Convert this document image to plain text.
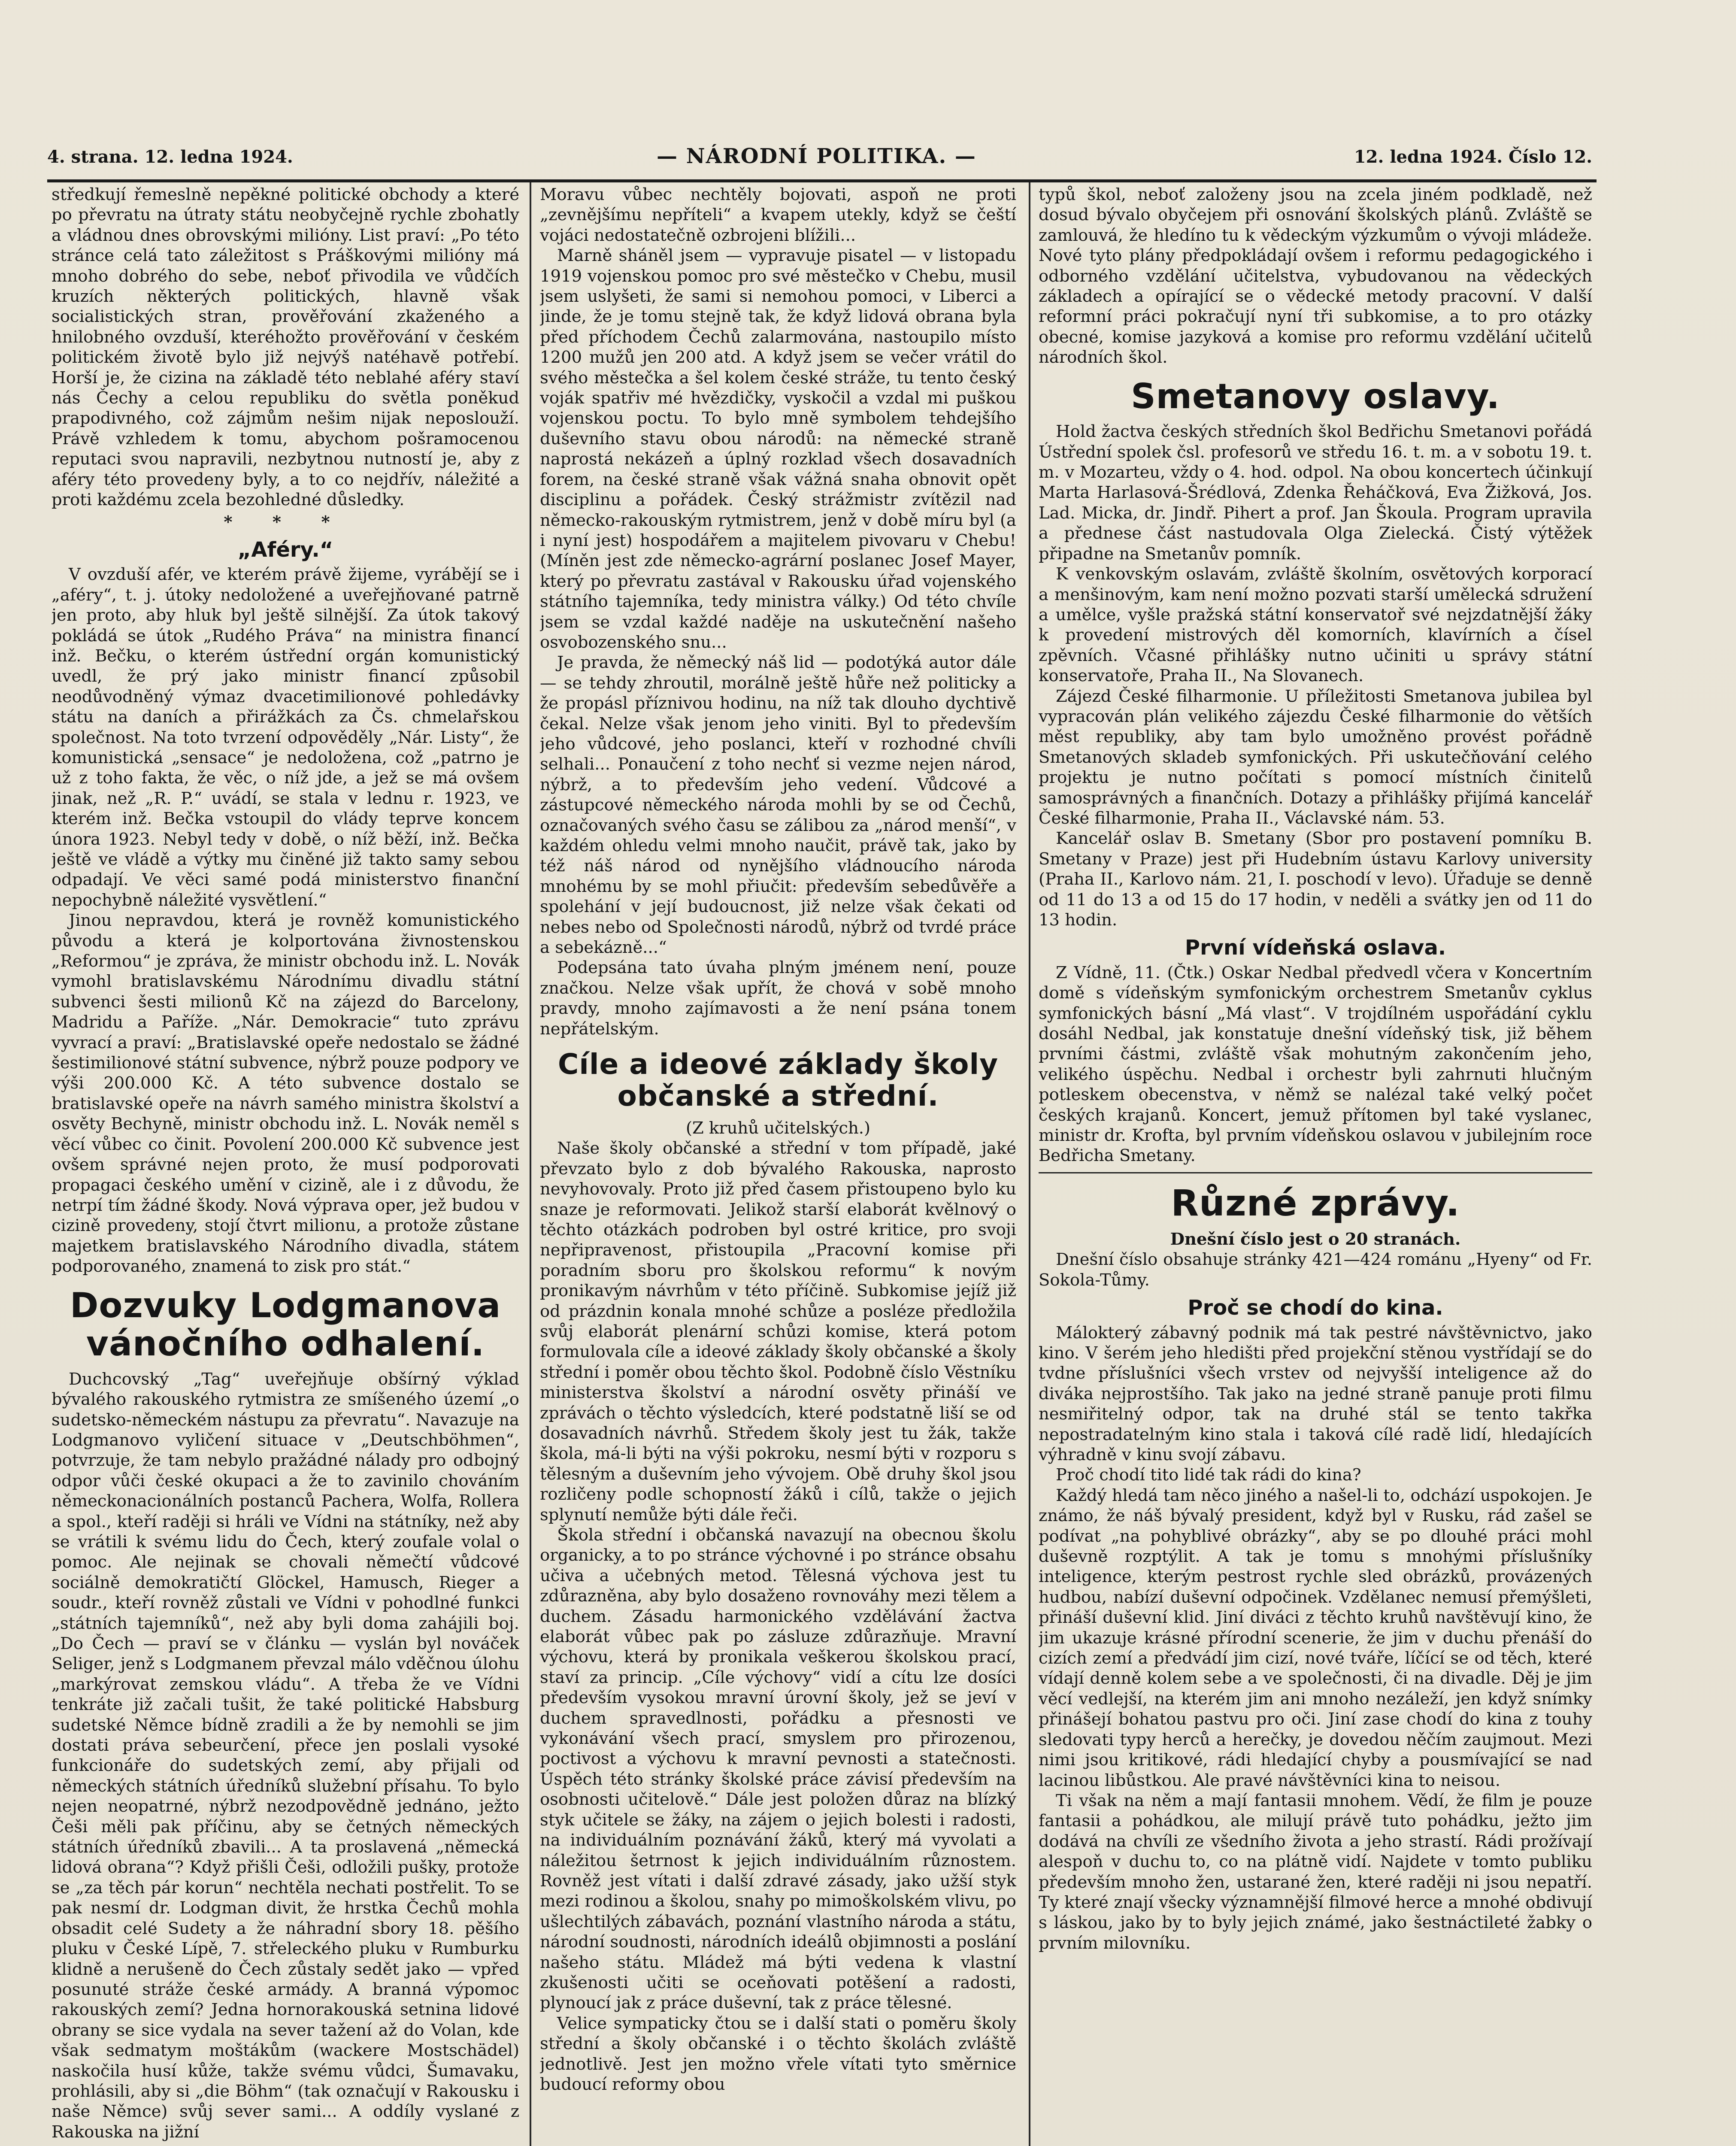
4. strana. 12. ledna 1924.	— NÁRODNÍ POLITIKA. —	12. ledna 1924. Číslo 12.

středkují řemeslně nepěkné politické obchody a které po převratu na útraty státu neobyčejně rychle zbohatly a vládnou dnes obrovskými milióny. List praví: „Po této stránce celá tato záležitost s Práškovými milióny má mnoho dobrého do sebe, neboť přivodila ve vůdčích kruzích některých politických, hlavně však socialistických stran, prověřování zkaženého a hnilobného ovzduší, kteréhožto prověřování v českém politickém životě bylo již nejvýš natéhavě potřebí. Horší je, že cizina na základě této neblahé aféry staví nás Čechy a celou republiku do světla poněkud prapodivného, což zájmům nešim nijak neposlouží. Právě vzhledem k tomu, abychom pošramocenou reputaci svou napravili, nezbytnou nutností je, aby z aféry této provedeny byly, a to co nejdřív, náležité a proti každému zcela bezohledné důsledky.

* * *
„Aféry.“

V ovzduší afér, ve kterém právě žijeme, vyrábějí se i „aféry“, t. j. útoky nedoložené a uveřejňované patrně jen proto, aby hluk byl ještě silnější. Za útok takový pokládá se útok „Rudého Práva“ na ministra financí inž. Bečku, o kterém ústřední orgán komunistický uvedl, že prý jako ministr financí způsobil neodůvodněný výmaz dvacetimilionové pohledávky státu na daních a přirážkách za Čs. chmelařskou společnost. Na toto tvrzení odpověděly „Nár. Listy“, že komunistická „sensace“ je nedoložena, což „patrno je už z toho fakta, že věc, o níž jde, a jež se má ovšem jinak, než „R. P.“ uvádí, se stala v lednu r. 1923, ve kterém inž. Bečka vstoupil do vlády teprve koncem února 1923. Nebyl tedy v době, o níž běží, inž. Bečka ještě ve vládě a výtky mu činěné již takto samy sebou odpadají. Ve věci samé podá ministerstvo finanční nepochybně náležité vysvětlení.“

Jinou nepravdou, která je rovněž komunistického původu a která je kolportována živnostenskou „Reformou“ je zpráva, že ministr obchodu inž. L. Novák vymohl bratislavskému Národnímu divadlu státní subvenci šesti milionů Kč na zájezd do Barcelony, Madridu a Paříže. „Nár. Demokracie“ tuto zprávu vyvrací a praví: „Bratislavské opeře nedostalo se žádné šestimilionové státní subvence, nýbrž pouze podpory ve výši 200.000 Kč. A této subvence dostalo se bratislavské opeře na návrh samého ministra školství a osvěty Bechyně, ministr obchodu inž. L. Novák neměl s věcí vůbec co činit. Povolení 200.000 Kč subvence jest ovšem správné nejen proto, že musí podporovati propagaci českého umění v cizině, ale i z důvodu, že netrpí tím žádné škody. Nová výprava oper, jež budou v cizině provedeny, stojí čtvrt milionu, a protože zůstane majetkem bratislavského Národního divadla, státem podporovaného, znamená to zisk pro stát.“

Dozvuky Lodgmanova vánočního odhalení.

Duchcovský „Tag“ uveřejňuje obšírný výklad bývalého rakouského rytmistra ze smíšeného území „o sudetsko-německém nástupu za převratu“. Navazuje na Lodgmanovo vyličení situace v „Deutschböhmen“, potvrzuje, že tam nebylo pražádné nálady pro odbojný odpor vůči české okupaci a že to zavinilo chováním německonacionálních postanců Pachera, Wolfa, Rollera a spol., kteří raději si hráli ve Vídni na státníky, než aby se vrátili k svému lidu do Čech, který zoufale volal o pomoc. Ale nejinak se chovali němečtí vůdcové sociálně demokratičtí Glöckel, Hamusch, Rieger a soudr., kteří rovněž zůstali ve Vídni v pohodlné funkci „státních tajemníků“, než aby byli doma zahájili boj. „Do Čech — praví se v článku — vyslán byl nováček Seliger, jenž s Lodgmanem převzal málo vděčnou úlohu „markýrovat zemskou vládu“. A třeba že ve Vídni tenkráte již začali tušit, že také politické Habsburg sudetské Němce bídně zradili a že by nemohli se jim dostati práva sebeurčení, přece jen poslali vysoké funkcionáře do sudetských zemí, aby přijali od německých státních úředníků služební přísahu. To bylo nejen neopatrné, nýbrž nezodpovědně jednáno, ježto Češi měli pak příčinu, aby se četných německých státních úředníků zbavili... A ta proslavená „německá lidová obrana“? Když přišli Češi, odložili pušky, protože se „za těch pár korun“ nechtěla nechati postřelit. To se pak nesmí dr. Lodgman divit, že hrstka Čechů mohla obsadit celé Sudety a že náhradní sbory 18. pěšího pluku v České Lípě, 7. střeleckého pluku v Rumburku klidně a nerušeně do Čech zůstaly sedět jako — vpřed posunuté stráže české armády. A branná výpomoc rakouských zemí? Jedna hornorakouská setnina lidové obrany se sice vydala na sever tažení až do Volan, kde však sedmatym moštákům (wackere Mostschädel) naskočila husí kůže, takže svému vůdci, Šumavaku, prohlásili, aby si „die Böhm“ (tak označují v Rakousku i naše Němce) svůj sever sami... A oddíly vyslané z Rakouska na jižní

Moravu vůbec nechtěly bojovati, aspoň ne proti „zevnějšímu nepříteli“ a kvapem utekly, když se čeští vojáci nedostatečně ozbrojeni blížili...

Marně sháněl jsem — vypravuje pisatel — v listopadu 1919 vojenskou pomoc pro své městečko v Chebu, musil jsem uslyšeti, že sami si nemohou pomoci, v Liberci a jinde, že je tomu stejně tak, že když lidová obrana byla před příchodem Čechů zalarmována, nastoupilo místo 1200 mužů jen 200 atd. A když jsem se večer vrátil do svého městečka a šel kolem české stráže, tu tento český voják spatřiv mé hvězdičky, vyskočil a vzdal mi puškou vojenskou poctu. To bylo mně symbolem tehdejšího duševního stavu obou národů: na německé straně naprostá nekázeň a úplný rozklad všech dosavadních forem, na české straně však vážná snaha obnovit opět disciplinu a pořádek. Český strážmistr zvítězil nad německo-rakouským rytmistrem, jenž v době míru byl (a i nyní jest) hospodářem a majitelem pivovaru v Chebu! (Míněn jest zde německo-agrární poslanec Josef Mayer, který po převratu zastával v Rakousku úřad vojenského státního tajemníka, tedy ministra války.) Od této chvíle jsem se vzdal každé naděje na uskutečnění našeho osvobozenského snu...

Je pravda, že německý náš lid — podotýká autor dále — se tehdy zhroutil, morálně ještě hůře než politicky a že propásl příznivou hodinu, na níž tak dlouho dychtivě čekal. Nelze však jenom jeho viniti. Byl to především jeho vůdcové, jeho poslanci, kteří v rozhodné chvíli selhali... Ponaučení z toho nechť si vezme nejen národ, nýbrž, a to především jeho vedení. Vůdcové a zástupcové německého národa mohli by se od Čechů, označovaných svého času se zálibou za „národ menší“, v každém ohledu velmi mnoho naučit, právě tak, jako by též náš národ od nynějšího vládnoucího národa mnohému by se mohl přiučit: především sebedůvěře a spolehání v její budoucnost, již nelze však čekati od nebes nebo od Společnosti národů, nýbrž od tvrdé práce a sebekázně...“

Podepsána tato úvaha plným jménem není, pouze značkou. Nelze však upřít, že chová v sobě mnoho pravdy, mnoho zajímavosti a že není psána tonem nepřátelským.

Cíle a ideové základy školy občanské a střední.

(Z kruhů učitelských.)

Naše školy občanské a střední v tom případě, jaké převzato bylo z dob bývalého Rakouska, naprosto nevyhovovaly. Proto již před časem přistoupeno bylo ku snaze je reformovati. Jelikož starší elaborát kvělnový o těchto otázkách podroben byl ostré kritice, pro svoji nepřipravenost, přistoupila „Pracovní komise při poradním sboru pro školskou reformu“ k novým pronikavým návrhům v této příčině. Subkomise jejíž již od prázdnin konala mnohé schůze a posléze předložila svůj elaborát plenární schůzi komise, která potom formulovala cíle a ideové základy školy občanské a školy střední i poměr obou těchto škol. Podobně číslo Věstníku ministerstva školství a národní osvěty přináší ve zprávách o těchto výsledcích, které podstatně liší se od dosavadních návrhů. Středem školy jest tu žák, takže škola, má-li býti na výši pokroku, nesmí býti v rozporu s tělesným a duševním jeho vývojem. Obě druhy škol jsou rozličeny podle schopností žáků i cílů, takže o jejich splynutí nemůže býti dále řeči.

Škola střední i občanská navazují na obecnou školu organicky, a to po stránce výchovné i po stránce obsahu učiva a učebných metod. Tělesná výchova jest tu zdůrazněna, aby bylo dosaženo rovnováhy mezi tělem a duchem. Zásadu harmonického vzdělávání žactva elaborát vůbec pak po zásluze zdůrazňuje. Mravní výchovu, která by pronikala veškerou školskou prací, staví za princip. „Cíle výchovy“ vidí a cítu lze dosíci především vysokou mravní úrovní školy, jež se jeví v duchem spravedlnosti, pořádku a přesnosti ve vykonávání všech prací, smyslem pro přirozenou, poctivost a výchovu k mravní pevnosti a statečnosti. Úspěch této stránky školské práce závisí především na osobnosti učitelově.“ Dále jest položen důraz na blízký styk učitele se žáky, na zájem o jejich bolesti i radosti, na individuálním poznávání žáků, který má vyvolati a náležitou šetrnost k jejich individuálním různostem. Rovněž jest vítati i další zdravé zásady, jako užší styk mezi rodinou a školou, snahy po mimoškolském vlivu, po ušlechtilých zábavách, poznání vlastního národa a státu, národní soudnosti, národních ideálů objimnosti a poslání našeho státu. Mládež má býti vedena k vlastní zkušenosti učiti se oceňovati potěšení a radosti, plynoucí jak z práce duševní, tak z práce tělesné.

Velice sympaticky čtou se i další stati o poměru školy střední a školy občanské i o těchto školách zvláště jednotlivě. Jest jen možno vřele vítati tyto směrnice budoucí reformy obou

typů škol, neboť založeny jsou na zcela jiném podkladě, než dosud bývalo obyčejem při osnování školských plánů. Zvláště se zamlouvá, že hledíno tu k vědeckým výzkumům o vývoji mládeže. Nové tyto plány předpokládají ovšem i reformu pedagogického i odborného vzdělání učitelstva, vybudovanou na vědeckých základech a opírající se o vědecké metody pracovní. V další reformní práci pokračují nyní tři subkomise, a to pro otázky obecné, komise jazyková a komise pro reformu vzdělání učitelů národních škol.

Smetanovy oslavy.

Hold žactva českých středních škol Bedřichu Smetanovi pořádá Ústřední spolek čsl. profesorů ve středu 16. t. m. a v sobotu 19. t. m. v Mozarteu, vždy o 4. hod. odpol. Na obou koncertech účinkují Marta Harlasová-Šrédlová, Zdenka Řeháčková, Eva Žižková, Jos. Lad. Micka, dr. Jindř. Pihert a prof. Jan Škoula. Program upravila a přednese část nastudovala Olga Zielecká. Čistý výtěžek připadne na Smetanův pomník.

K venkovským oslavám, zvláště školním, osvětových korporací a menšinovým, kam není možno pozvati starší umělecká sdružení a umělce, vyšle pražská státní konservatoř své nejzdatnější žáky k provedení mistrových děl komorních, klavírních a čísel zpěvních. Včasné přihlášky nutno učiniti u správy státní konservatoře, Praha II., Na Slovanech.

Zájezd České filharmonie. U příležitosti Smetanova jubilea byl vypracován plán velikého zájezdu České filharmonie do větších měst republiky, aby tam bylo umožněno provést pořádně Smetanových skladeb symfonických. Při uskutečňování celého projektu je nutno počítati s pomocí místních činitelů samosprávných a finančních. Dotazy a přihlášky přijímá kancelář České filharmonie, Praha II., Václavské nám. 53.

Kancelář oslav B. Smetany (Sbor pro postavení pomníku B. Smetany v Praze) jest při Hudebním ústavu Karlovy university (Praha II., Karlovo nám. 21, I. poschodí v levo). Úřaduje se denně od 11 do 13 a od 15 do 17 hodin, v neděli a svátky jen od 11 do 13 hodin.

První vídeňská oslava.

Z Vídně, 11. (Čtk.) Oskar Nedbal předvedl včera v Koncertním domě s vídeňským symfonickým orchestrem Smetanův cyklus symfonických básní „Má vlast“. V trojdílném uspořádání cyklu dosáhl Nedbal, jak konstatuje dnešní vídeňský tisk, již během prvními částmi, zvláště však mohutným zakončením jeho, velikého úspěchu. Nedbal i orchestr byli zahrnuti hlučným potleskem obecenstva, v němž se nalézal také velký počet českých krajanů. Koncert, jemuž přítomen byl také vyslanec, ministr dr. Krofta, byl prvním vídeňskou oslavou v jubilejním roce Bedřicha Smetany.

Různé zprávy.

Dnešní číslo jest o 20 stranách.

Dnešní číslo obsahuje stránky 421—424 románu „Hyeny“ od Fr. Sokola-Tůmy.

Proč se chodí do kina.

Málokterý zábavný podnik má tak pestré návštěvnictvo, jako kino. V šerém jeho hledišti před projekční stěnou vystřídají se do tvdne příslušníci všech vrstev od nejvyšší inteligence až do diváka nejprostšího. Tak jako na jedné straně panuje proti filmu nesmiřitelný odpor, tak na druhé stál se tento takřka nepostradatelným kino stala i taková cílé radě lidí, hledajících výhradně v kinu svojí zábavu.

Proč chodí tito lidé tak rádi do kina?

Každý hledá tam něco jiného a našel-li to, odchází uspokojen. Je známo, že náš bývalý president, když byl v Rusku, rád zašel se podívat „na pohyblivé obrázky“, aby se po dlouhé práci mohl duševně rozptýlit. A tak je tomu s mnohými příslušníky inteligence, kterým pestrost rychle sled obrázků, provázených hudbou, nabízí duševní odpočinek. Vzdělanec nemusí přemýšleti, přináší duševní klid. Jiní diváci z těchto kruhů navštěvují kino, že jim ukazuje krásné přírodní scenerie, že jim v duchu přenáší do cizích zemí a předvádí jim cizí, nové tváře, líčící se od těch, které vídají denně kolem sebe a ve společnosti, či na divadle. Děj je jim věcí vedlejší, na kterém jim ani mnoho nezáleží, jen když snímky přinášejí bohatou pastvu pro oči. Jiní zase chodí do kina z touhy sledovati typy herců a herečky, je dovedou něčím zaujmout. Mezi nimi jsou kritikové, rádi hledající chyby a pousmívající se nad lacinou libůstkou. Ale pravé návštěvníci kina to neisou.

Ti však na něm a mají fantasii mnohem. Vědí, že film je pouze fantasii a pohádkou, ale milují právě tuto pohádku, ježto jim dodává na chvíli ze všedního života a jeho strastí. Rádi prožívají alespoň v duchu to, co na plátně vidí. Najdete v tomto publiku především mnoho žen, ustarané žen, které raději ni jsou nepatří. Ty které znají všecky významnější filmové herce a mnohé obdivují s láskou, jako by to byly jejich známé, jako šestnáctileté žabky o prvním milovníku.
